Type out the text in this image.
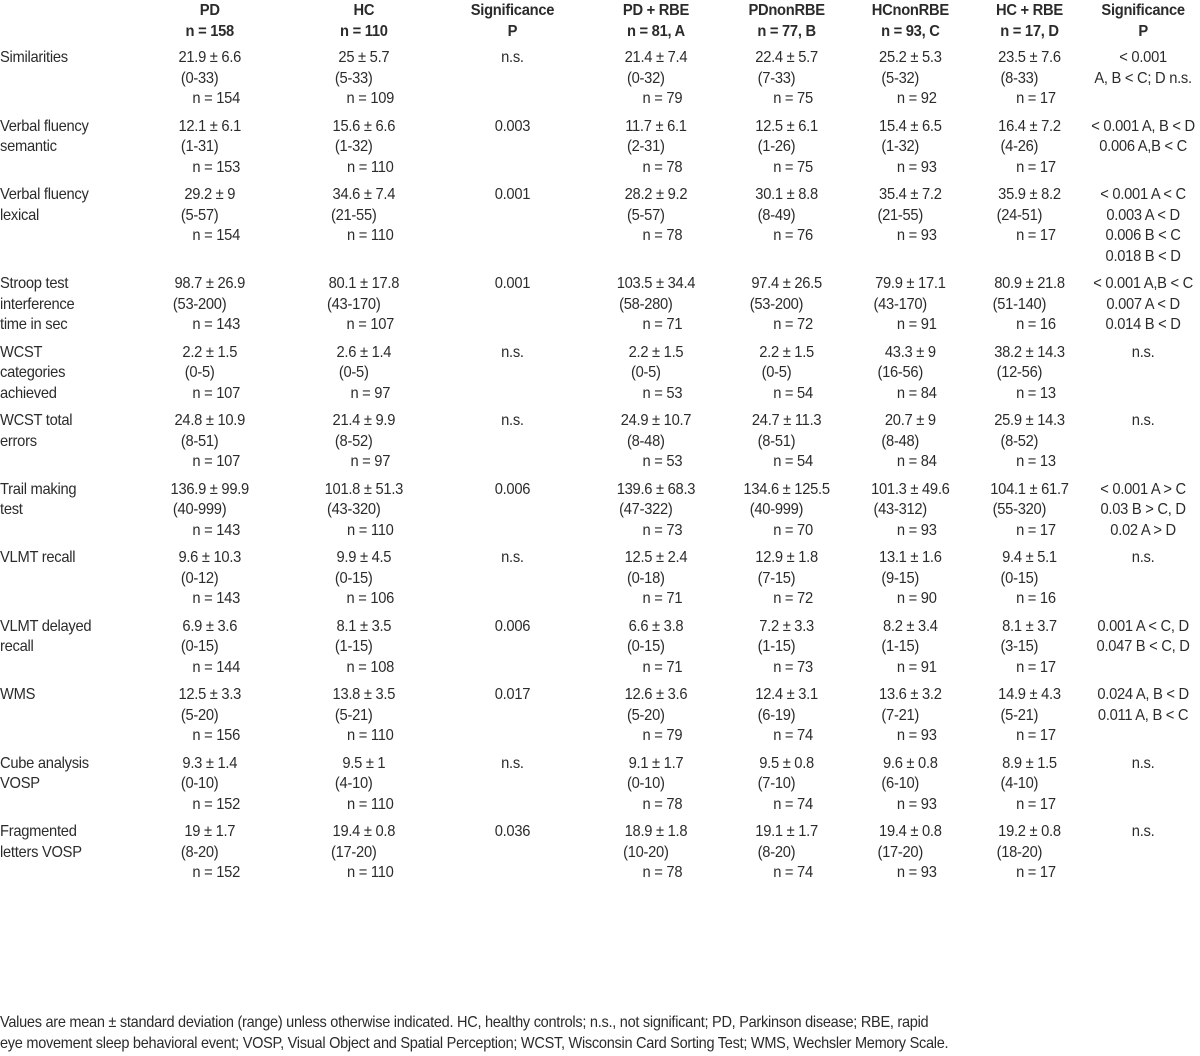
	PD
n = 158	HC
n = 110	Significance
P	PD + RBE
n = 81, A	PDnonRBE
n = 77, B	HCnonRBE
n = 93, C	HC + RBE
n = 17, D	Significance
P

Similarities	21.9 ± 6.6
(0-33)
n = 154	25 ± 5.7
(5-33)
n = 109	n.s.	21.4 ± 7.4
(0-32)
n = 79	22.4 ± 5.7
(7-33)
n = 75	25.2 ± 5.3
(5-32)
n = 92	23.5 ± 7.6
(8-33)
n = 17	< 0.001
A, B < C; D n.s.

Verbal fluency
semantic	12.1 ± 6.1
(1-31)
n = 153	15.6 ± 6.6
(1-32)
n = 110	0.003	11.7 ± 6.1
(2-31)
n = 78	12.5 ± 6.1
(1-26)
n = 75	15.4 ± 6.5
(1-32)
n = 93	16.4 ± 7.2
(4-26)
n = 17	< 0.001 A, B < D
0.006 A,B < C

Verbal fluency
lexical	29.2 ± 9
(5-57)
n = 154	34.6 ± 7.4
(21-55)
n = 110	0.001	28.2 ± 9.2
(5-57)
n = 78	30.1 ± 8.8
(8-49)
n = 76	35.4 ± 7.2
(21-55)
n = 93	35.9 ± 8.2
(24-51)
n = 17	< 0.001 A < C
0.003 A < D
0.006 B < C
0.018 B < D

Stroop test
interference
time in sec	98.7 ± 26.9
(53-200)
n = 143	80.1 ± 17.8
(43-170)
n = 107	0.001	103.5 ± 34.4
(58-280)
n = 71	97.4 ± 26.5
(53-200)
n = 72	79.9 ± 17.1
(43-170)
n = 91	80.9 ± 21.8
(51-140)
n = 16	< 0.001 A,B < C
0.007 A < D
0.014 B < D

WCST
categories
achieved	2.2 ± 1.5
(0-5)
n = 107	2.6 ± 1.4
(0-5)
n = 97	n.s.	2.2 ± 1.5
(0-5)
n = 53	2.2 ± 1.5
(0-5)
n = 54	43.3 ± 9
(16-56)
n = 84	38.2 ± 14.3
(12-56)
n = 13	n.s.

WCST total
errors	24.8 ± 10.9
(8-51)
n = 107	21.4 ± 9.9
(8-52)
n = 97	n.s.	24.9 ± 10.7
(8-48)
n = 53	24.7 ± 11.3
(8-51)
n = 54	20.7 ± 9
(8-48)
n = 84	25.9 ± 14.3
(8-52)
n = 13	n.s.

Trail making
test	136.9 ± 99.9
(40-999)
n = 143	101.8 ± 51.3
(43-320)
n = 110	0.006	139.6 ± 68.3
(47-322)
n = 73	134.6 ± 125.5
(40-999)
n = 70	101.3 ± 49.6
(43-312)
n = 93	104.1 ± 61.7
(55-320)
n = 17	< 0.001 A > C
0.03 B > C, D
0.02 A > D

VLMT recall	9.6 ± 10.3
(0-12)
n = 143	9.9 ± 4.5
(0-15)
n = 106	n.s.	12.5 ± 2.4
(0-18)
n = 71	12.9 ± 1.8
(7-15)
n = 72	13.1 ± 1.6
(9-15)
n = 90	9.4 ± 5.1
(0-15)
n = 16	n.s.

VLMT delayed
recall	6.9 ± 3.6
(0-15)
n = 144	8.1 ± 3.5
(1-15)
n = 108	0.006	6.6 ± 3.8
(0-15)
n = 71	7.2 ± 3.3
(1-15)
n = 73	8.2 ± 3.4
(1-15)
n = 91	8.1 ± 3.7
(3-15)
n = 17	0.001 A < C, D
0.047 B < C, D

WMS	12.5 ± 3.3
(5-20)
n = 156	13.8 ± 3.5
(5-21)
n = 110	0.017	12.6 ± 3.6
(5-20)
n = 79	12.4 ± 3.1
(6-19)
n = 74	13.6 ± 3.2
(7-21)
n = 93	14.9 ± 4.3
(5-21)
n = 17	0.024 A, B < D
0.011 A, B < C

Cube analysis
VOSP	9.3 ± 1.4
(0-10)
n = 152	9.5 ± 1
(4-10)
n = 110	n.s.	9.1 ± 1.7
(0-10)
n = 78	9.5 ± 0.8
(7-10)
n = 74	9.6 ± 0.8
(6-10)
n = 93	8.9 ± 1.5
(4-10)
n = 17	n.s.

Fragmented
letters VOSP	19 ± 1.7
(8-20)
n = 152	19.4 ± 0.8
(17-20)
n = 110	0.036	18.9 ± 1.8
(10-20)
n = 78	19.1 ± 1.7
(8-20)
n = 74	19.4 ± 0.8
(17-20)
n = 93	19.2 ± 0.8
(18-20)
n = 17	n.s.
Values are mean ± standard deviation (range) unless otherwise indicated. HC, healthy controls; n.s., not significant; PD, Parkinson disease; RBE, rapid
eye movement sleep behavioral event; VOSP, Visual Object and Spatial Perception; WCST, Wisconsin Card Sorting Test; WMS, Wechsler Memory Scale.
